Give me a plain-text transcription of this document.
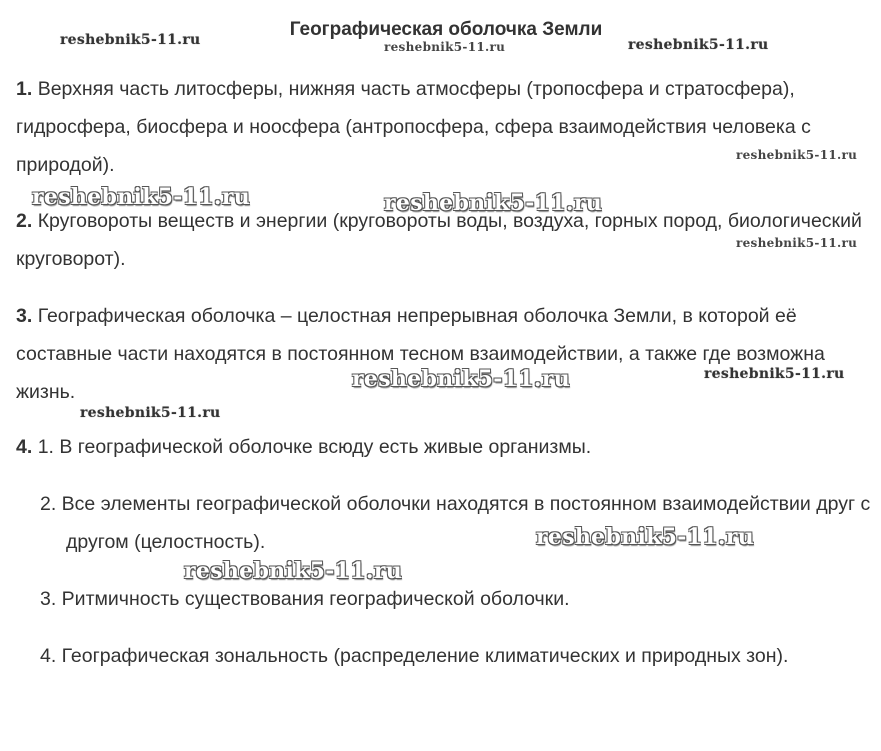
Географическая оболочка Земли
1. Верхняя часть литосферы, нижняя часть атмосферы (тропосфера и стратосфера), гидросфера, биосфера и ноосфера (антропосфера, сфера взаимодействия человека с природой).
2. Круговороты веществ и энергии (круговороты воды, воздуха, горных пород, биологический круговорот).
3. Географическая оболочка – целостная непрерывная оболочка Земли, в которой её составные части находятся в постоянном тесном взаимодействии, а также где возможна жизнь.
4. 1. В географической оболочке всюду есть живые организмы.
2. Все элементы географической оболочки находятся в постоянном взаимодействии друг с другом (целостность).
3. Ритмичность существования географической оболочки.
4. Географическая зональность (распределение климатических и природных зон).
reshebnik5-11.ru	reshebnik5-11.ru	reshebnik5-11.ru
reshebnik5-11.ru
reshebnik5-11.ru	reshebnik5-11.ru
reshebnik5-11.ru
reshebnik5-11.ru	reshebnik5-11.ru
reshebnik5-11.ru
reshebnik5-11.ru
reshebnik5-11.ru
